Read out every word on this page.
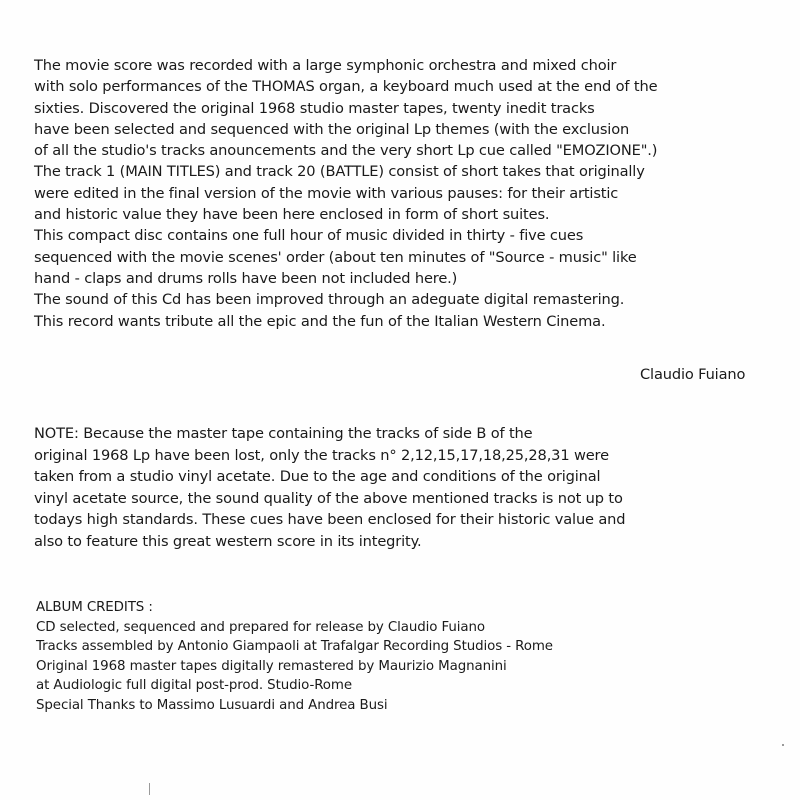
The movie score was recorded with a large symphonic orchestra and mixed choir
with solo performances of the THOMAS organ, a keyboard much used at the end of the
sixties. Discovered the original 1968 studio master tapes, twenty inedit tracks
have been selected and sequenced with the original Lp themes (with the exclusion
of all the studio's tracks anouncements and the very short Lp cue called "EMOZIONE".)
The track 1 (MAIN TITLES) and track 20 (BATTLE) consist of short takes that originally
were edited in the final version of the movie with various pauses: for their artistic
and historic value they have been here enclosed in form of short suites.
This compact disc contains one full hour of music divided in thirty - five cues
sequenced with the movie scenes' order (about ten minutes of "Source - music" like
hand - claps and drums rolls have been not included here.)
The sound of this Cd has been improved through an adeguate digital remastering.
This record wants tribute all the epic and the fun of the Italian Western Cinema.
Claudio Fuiano
NOTE: Because the master tape containing the tracks of side B of the
original 1968 Lp have been lost, only the tracks n° 2,12,15,17,18,25,28,31 were
taken from a studio vinyl acetate. Due to the age and conditions of the original
vinyl acetate source, the sound quality of the above mentioned tracks is not up to
todays high standards. These cues have been enclosed for their historic value and
also to feature this great western score in its integrity.
ALBUM CREDITS :
CD selected, sequenced and prepared for release by Claudio Fuiano
Tracks assembled by Antonio Giampaoli at Trafalgar Recording Studios - Rome
Original 1968 master tapes digitally remastered by Maurizio Magnanini
at Audiologic full digital post-prod. Studio-Rome
Special Thanks to Massimo Lusuardi and Andrea Busi
